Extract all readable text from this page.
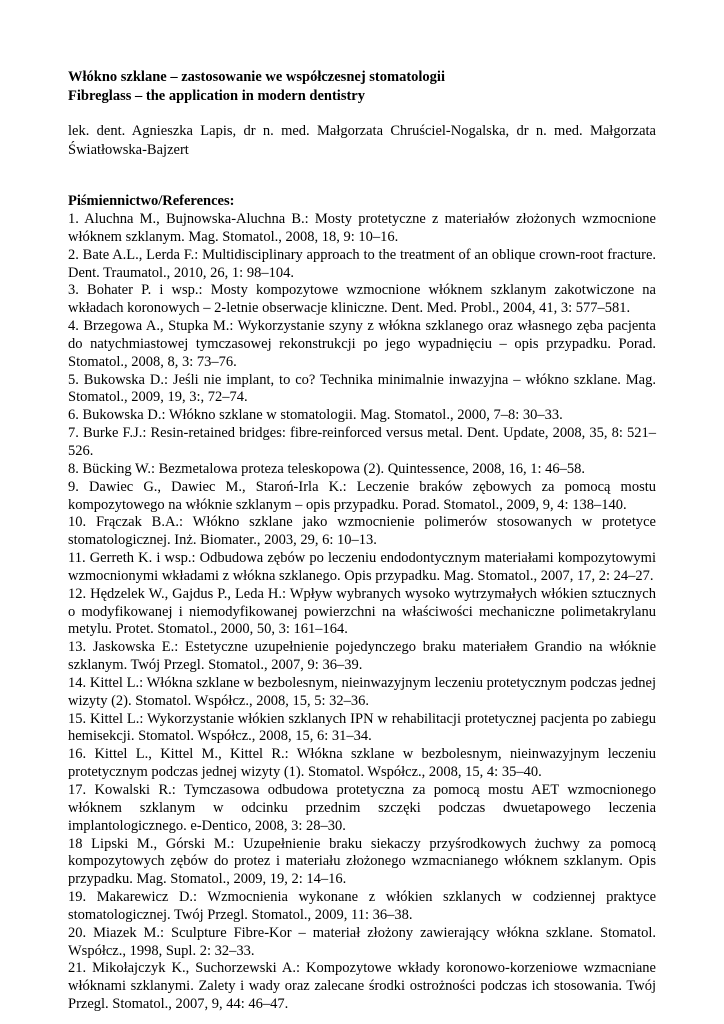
Włókno szklane – zastosowanie we współczesnej stomatologii

Fibreglass – the application in modern dentistry

lek. dent. Agnieszka Lapis, dr n. med. Małgorzata Chruściel-Nogalska, dr n. med. Małgorzata Światłowska-Bajzert
Piśmiennictwo/References:
1. Aluchna M., Bujnowska-Aluchna B.: Mosty protetyczne z materiałów złożonych wzmocnione włóknem szklanym. Mag. Stomatol., 2008, 18, 9: 10–16.
2. Bate A.L., Lerda F.: Multidisciplinary approach to the treatment of an oblique crown-root fracture. Dent. Traumatol., 2010, 26, 1: 98–104.
3. Bohater P. i wsp.: Mosty kompozytowe wzmocnione włóknem szklanym zakotwiczone na wkładach koronowych – 2-letnie obserwacje kliniczne. Dent. Med. Probl., 2004, 41, 3: 577–581.
4. Brzegowa A., Stupka M.: Wykorzystanie szyny z włókna szklanego oraz własnego zęba pacjenta do natychmiastowej tymczasowej rekonstrukcji po jego wypadnięciu – opis przypadku. Porad. Stomatol., 2008, 8, 3: 73–76.
5. Bukowska D.: Jeśli nie implant, to co? Technika minimalnie inwazyjna – włókno szklane. Mag. Stomatol., 2009, 19, 3:, 72–74.
6. Bukowska D.: Włókno szklane w stomatologii. Mag. Stomatol., 2000, 7–8: 30–33.
7. Burke F.J.: Resin-retained bridges: fibre-reinforced versus metal. Dent. Update, 2008, 35, 8: 521–526.
8. Bücking W.: Bezmetalowa proteza teleskopowa (2). Quintessence, 2008, 16, 1: 46–58.
9. Dawiec G., Dawiec M., Staroń-Irla K.: Leczenie braków zębowych za pomocą mostu kompozytowego na włóknie szklanym – opis przypadku. Porad. Stomatol., 2009, 9, 4: 138–140.
10. Frączak B.A.: Włókno szklane jako wzmocnienie polimerów stosowanych w protetyce stomatologicznej. Inż. Biomater., 2003, 29, 6: 10–13.
11. Gerreth K. i wsp.: Odbudowa zębów po leczeniu endodontycznym materiałami kompozytowymi wzmocnionymi wkładami z włókna szklanego. Opis przypadku. Mag. Stomatol., 2007, 17, 2: 24–27.
12. Hędzelek W., Gajdus P., Leda H.: Wpływ wybranych wysoko wytrzymałych włókien sztucznych o modyfikowanej i niemodyfikowanej powierzchni na właściwości mechaniczne polimetakrylanu metylu. Protet. Stomatol., 2000, 50, 3: 161–164.
13. Jaskowska E.: Estetyczne uzupełnienie pojedynczego braku materiałem Grandio na włóknie szklanym. Twój Przegl. Stomatol., 2007, 9: 36–39.
14. Kittel L.: Włókna szklane w bezbolesnym, nieinwazyjnym leczeniu protetycznym podczas jednej wizyty (2). Stomatol. Współcz., 2008, 15, 5: 32–36.
15. Kittel L.: Wykorzystanie włókien szklanych IPN w rehabilitacji protetycznej pacjenta po zabiegu hemisekcji. Stomatol. Współcz., 2008, 15, 6: 31–34.
16. Kittel L., Kittel M., Kittel R.: Włókna szklane w bezbolesnym, nieinwazyjnym leczeniu protetycznym podczas jednej wizyty (1). Stomatol. Współcz., 2008, 15, 4: 35–40.
17. Kowalski R.: Tymczasowa odbudowa protetyczna za pomocą mostu AET wzmocnionego włóknem szklanym w odcinku przednim szczęki podczas dwuetapowego leczenia implantologicznego. e-Dentico, 2008, 3: 28–30.
18 Lipski M., Górski M.: Uzupełnienie braku siekaczy przyśrodkowych żuchwy za pomocą kompozytowych zębów do protez i materiału złożonego wzmacnianego włóknem szklanym. Opis przypadku. Mag. Stomatol., 2009, 19, 2: 14–16.
19. Makarewicz D.: Wzmocnienia wykonane z włókien szklanych w codziennej praktyce stomatologicznej. Twój Przegl. Stomatol., 2009, 11: 36–38.
20. Miazek M.: Sculpture Fibre-Kor – materiał złożony zawierający włókna szklane. Stomatol. Współcz., 1998, Supl. 2: 32–33.
21. Mikołajczyk K., Suchorzewski A.: Kompozytowe wkłady koronowo-korzeniowe wzmacniane włóknami szklanymi. Zalety i wady oraz zalecane środki ostrożności podczas ich stosowania. Twój Przegl. Stomatol., 2007, 9, 44: 46–47.
